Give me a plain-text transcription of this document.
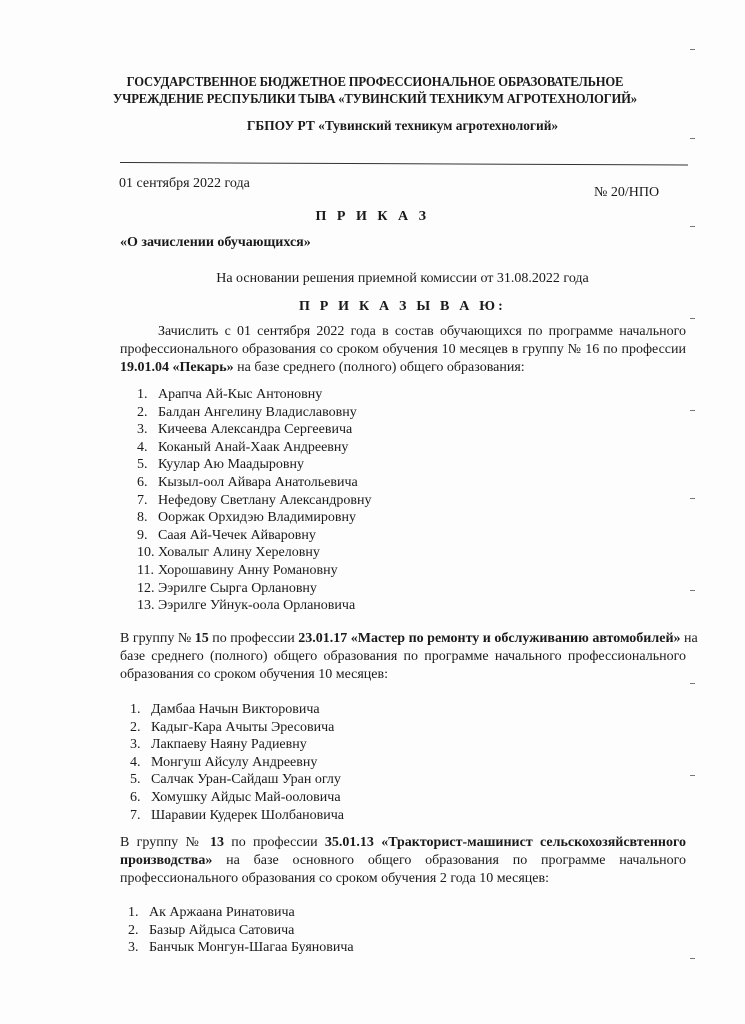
ГОСУДАРСТВЕННОЕ БЮДЖЕТНОЕ ПРОФЕССИОНАЛЬНОЕ ОБРАЗОВАТЕЛЬНОЕ
УЧРЕЖДЕНИЕ РЕСПУБЛИКИ ТЫВА «ТУВИНСКИЙ ТЕХНИКУМ АГРОТЕХНОЛОГИЙ»
ГБПОУ РТ «Тувинский техникум агротехнологий»
01 сентября 2022 года
№ 20/НПО
П Р И К А З
«О зачислении обучающихся»
На основании решения приемной комиссии от 31.08.2022 года
П Р И К А З Ы В А Ю:
Зачислить с 01 сентября 2022 года в состав обучающихся по программе начального
профессионального образования со сроком обучения 10 месяцев в группу № 16 по профессии
19.01.04 «Пекарь» на базе среднего (полного) общего образования:
1. Арапча Ай-Кыс Антоновну
2. Балдан Ангелину Владиславовну
3. Кичеева Александра Сергеевича
4. Коканый Анай-Хаак Андреевну
5. Куулар Аю Маадыровну
6. Кызыл-оол Айвара Анатольевича
7. Нефедову Светлану Александровну
8. Ооржак Орхидэю Владимировну
9. Саая Ай-Чечек Айваровну
10. Ховалыг Алину Хереловну
11. Хорошавину Анну Романовну
12. Ээрилге Сырга Орлановну
13. Ээрилге Уйнук-оола Орлановича
В группу № 15 по профессии 23.01.17 «Мастер по ремонту и обслуживанию автомобилей» на
базе среднего (полного) общего образования по программе начального профессионального
образования со сроком обучения 10 месяцев:
1. Дамбаа Начын Викторовича
2. Кадыг-Кара Ачыты Эресовича
3. Лакпаеву Наяну Радиевну
4. Монгуш Айсулу Андреевну
5. Салчак Уран-Сайдаш Уран оглу
6. Хомушку Айдыс Май-ооловича
7. Шаравии Кудерек Шолбановича
В группу № 13 по профессии 35.01.13 «Тракторист-машинист сельскохозяйсвтенного
производства» на базе основного общего образования по программе начального
профессионального образования со сроком обучения 2 года 10 месяцев:
1. Ак Аржаана Ринатовича
2. Базыр Айдыса Сатовича
3. Банчык Монгун-Шагаа Буяновича
